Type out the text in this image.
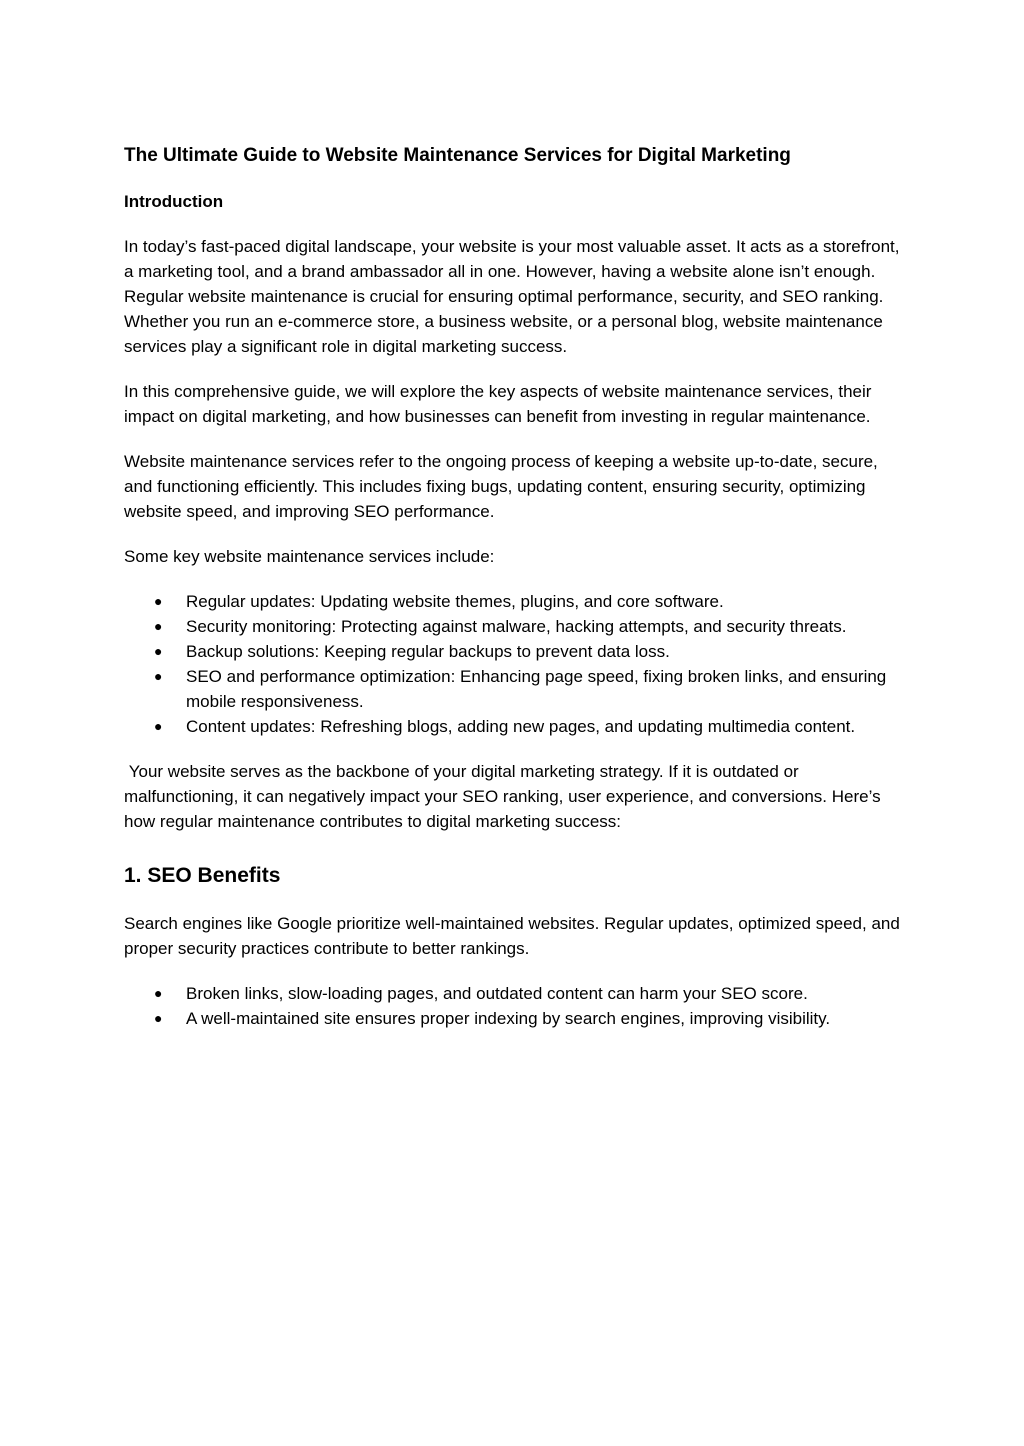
The Ultimate Guide to Website Maintenance Services for Digital Marketing
Introduction

In today’s fast-paced digital landscape, your website is your most valuable asset. It acts as a storefront, a marketing tool, and a brand ambassador all in one. However, having a website alone isn’t enough. Regular website maintenance is crucial for ensuring optimal performance, security, and SEO ranking. Whether you run an e-commerce store, a business website, or a personal blog, website maintenance services play a significant role in digital marketing success.

In this comprehensive guide, we will explore the key aspects of website maintenance services, their impact on digital marketing, and how businesses can benefit from investing in regular maintenance.

Website maintenance services refer to the ongoing process of keeping a website up-to-date, secure, and functioning efficiently. This includes fixing bugs, updating content, ensuring security, optimizing website speed, and improving SEO performance.

Some key website maintenance services include:

● Regular updates: Updating website themes, plugins, and core software.
● Security monitoring: Protecting against malware, hacking attempts, and security threats.
● Backup solutions: Keeping regular backups to prevent data loss.
● SEO and performance optimization: Enhancing page speed, fixing broken links, and ensuring mobile responsiveness.
● Content updates: Refreshing blogs, adding new pages, and updating multimedia content.

Your website serves as the backbone of your digital marketing strategy. If it is outdated or malfunctioning, it can negatively impact your SEO ranking, user experience, and conversions. Here’s how regular maintenance contributes to digital marketing success:

1. SEO Benefits

Search engines like Google prioritize well-maintained websites. Regular updates, optimized speed, and proper security practices contribute to better rankings.

● Broken links, slow-loading pages, and outdated content can harm your SEO score.
● A well-maintained site ensures proper indexing by search engines, improving visibility.
